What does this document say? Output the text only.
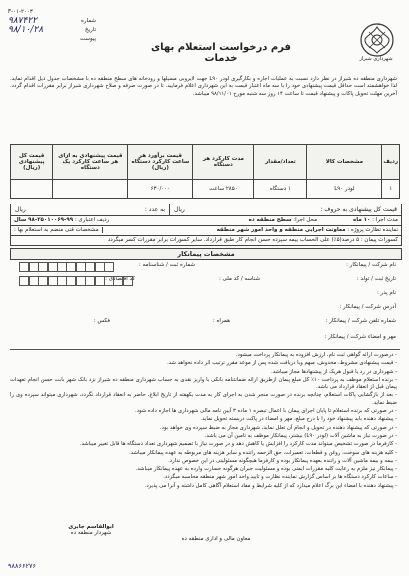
شهرداری شیراز
فرم درخواست استعلام بهای خدمات
F-۰۱-۲۰۰۳
شماره
۹۸۷۴۲۲
تاریخ
۹۸/۱۰/۲۸
پیوست
شهرداری منطقه ده شیراز در نظر دارد نسبت به عملیات اجاره و بکارگیری لودر L۹۰ جهت لایروبی مسیلها و رودخانه های سطح منطقه ده با مشخصات جدول ذیل اقدام نماید. لذا خواهشمند است حداقل قیمت پیشنهادی خود را با سه ماه اعتبار قیمت به این شهرداری اعلام فرمایید. تا در صورت صرفه و صلاح شهرداری شیراز برابر مقررات اقدام گردد. آخرین مهلت تحویل پاکات و پیشنهاد قیمت تا ساعت ۱۴ روز سه شنبه مورخ ۹۸/۱۱/۰۱ میباشد.
ردیف	مشخصات کالا	تعداد/مقدار	مدت کارکرد هر دستگاه	قیمت برآورد هر ساعت کارکرد دستگاه (ریال)	قیمت پیشنهادی به ازای هر ساعت کارکرد یک دستگاه	قیمت کل پیشنهادی (ریال)
۱	لودر L۹۰	۱ دستگاه	۲۸۵۰ ساعت	۶۳۰/۰۰۰		
قیمت کل پیشنهادی به حروف :
ریال
به عدد :
ریال
مدت اجرا : ۱۰ ماه
محل اجرا: سطح منطقه ده
ردیف اعتباری : ۹۹-۲۵۰۱۰۰۶۹-۹۸ سال
نماینده نظارت پروژه : معاونت اجرایی منطقه و واحد امور شهر منطقه
مشخصات فنی منضم به استعلام بها :
کسورات پیمان : ۵ درصد(۵٪) علی الحساب بیمه سپرده حسن انجام کار طبق قرارداد. سایر کسورات برابر مقررات کسر میگردد
مشخصات پیمانکار
نام شرکت / پیمانکار :
شماره ثبت / شناسنامه :
تاریخ ثبت / تولد :
شناسه / کد ملی :
کد اقتصادی :
نام پدر :
آدرس شرکت / پیمانکار :
شماره تلفن شرکت / پیمانکار :
همراه :
فکس :
مهر و امضاء شرکت / پیمانکار :

- درصورت ارائه گواهی ثبت نام، ارزش افزوده به پیمانکار پرداخت میشود.

- قیمت پیشنهادی مشروط، مخدوش، مبهم ویا دریافت شده پس از موعد مقرر ترتیب اثر داده نخواهد شد.

- شهرداری در رد یا قبول هریک از پیشنهادها مجاز میباشد.

- برنده استعلام موظف به پرداخت ۱۰٪ کل مبلغ پیمان ازطریق ارائه ضمانتنامه بانکی یا واریز نقدی به حساب شهرداری منطقه ده شیراز نزد بانک شهر بابت حسن انجام تعهدات پیمان قبل از انعقاد قرارداد می باشد.

- بعد از بازگشایی پاکات استعلام، چنانچه برنده در صورت منجر شدن به اجرای کار به مدت یکهفته از تاریخ ابلاغ، حاضر به انعقاد قرارداد نگردد، شهرداری میتواند سپرده وی را ضبط نماید.

- در صورتی که برنده استعلام تا پایان اجرای پیمان با اعمال تبصره ۱ ماده ۳ آیین نامه مالی شهرداری ها اجازه داده شود.

- پیشنهاد دهنده باید پیشنهاد خود را با درج مبلغ، مهر و امضاء در پاکت دربسته تحویل نماید.

- در صورتی که پیشنهاد دهنده در تحویل و انجام آن تعلل نماید، شهرداری مجاز به ضبط سپرده وی خواهد بود.

- در صورت نیاز به ماشین آلات (لودر L۹۰) بیشتر، پیمانکار موظف به تامین آن می باشد.

- کارفرما در صورت تشخیص میتواند مدت کارکرد را افزایش یا کاهش دهد و در صورت نیاز با تصمیم شهرداری تعداد دستگاه ها قابل تغییر میباشد.

- کلیه هزینه های سوخت، روغن و قطعات، تعمیرات، حق الزحمه راننده و سایر هزینه های مربوطه به عهده پیمانکار میباشد.

- بیمه و بیمه ماشین آلات و راننده بعهده پیمانکار بوده و کارفرما هیچگونه مسئولیتی در این خصوص ندارد.

- پیمانکار نیز ملزم به رعایت کلیه مقررات ایمنی بوده و مسئولیت جبران هرگونه خسارت وارده به عهده پیمانکار میباشد.

- ساعات کارکرد دستگاه ها بر اساس گزارش نماینده نظارت و تایید واحد امور شهر منطقه محاسبه میگردد.

- پیشنهاد دهنده با امضاء این برگ اعلام میدارد که از کلیه شرایط و مفاد استعلام آگاهی کامل داشته و آنرا می پذیرد.

ابوالقاسم جابری
شهردار منطقه ده
معاون مالی و اداری منطقه ده
۹۸۸۶۶۲۷۶
